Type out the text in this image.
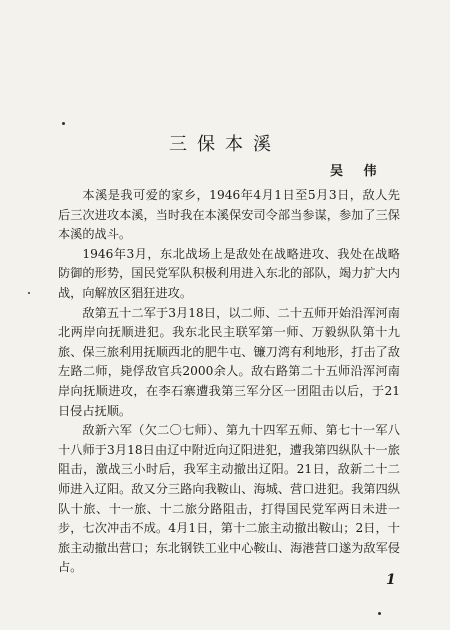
三保本溪
吴 伟

本溪是我可爱的家乡，1946年4月1日至5月3日，敌人先后三次进攻本溪，当时我在本溪保安司令部当参谋，参加了三保本溪的战斗。

1946年3月，东北战场上是敌处在战略进攻、我处在战略防御的形势，国民党军队积极利用进入东北的部队，竭力扩大内战，向解放区猖狂进攻。

敌第五十二军于3月18日，以二师、二十五师开始沿浑河南北两岸向抚顺进犯。我东北民主联军第一师、万毅纵队第十九旅、保三旅利用抚顺西北的肥牛屯、镰刀湾有利地形，打击了敌左路二师，毙俘敌官兵2000余人。敌右路第二十五师沿浑河南岸向抚顺进攻，在李石寨遭我第三军分区一团阻击以后，于21日侵占抚顺。

敌新六军（欠二〇七师）、第九十四军五师、第七十一军八十八师于3月18日由辽中附近向辽阳进犯，遭我第四纵队十一旅阻击，激战三小时后，我军主动撤出辽阳。21日，敌新二十二师进入辽阳。敌又分三路向我鞍山、海城、营口进犯。我第四纵队十旅、十一旅、十二旅分路阻击，打得国民党军两日未进一步，七次冲击不成。4月1日，第十二旅主动撤出鞍山；2日，十旅主动撤出营口；东北钢铁工业中心鞍山、海港营口遂为敌军侵占。

1
